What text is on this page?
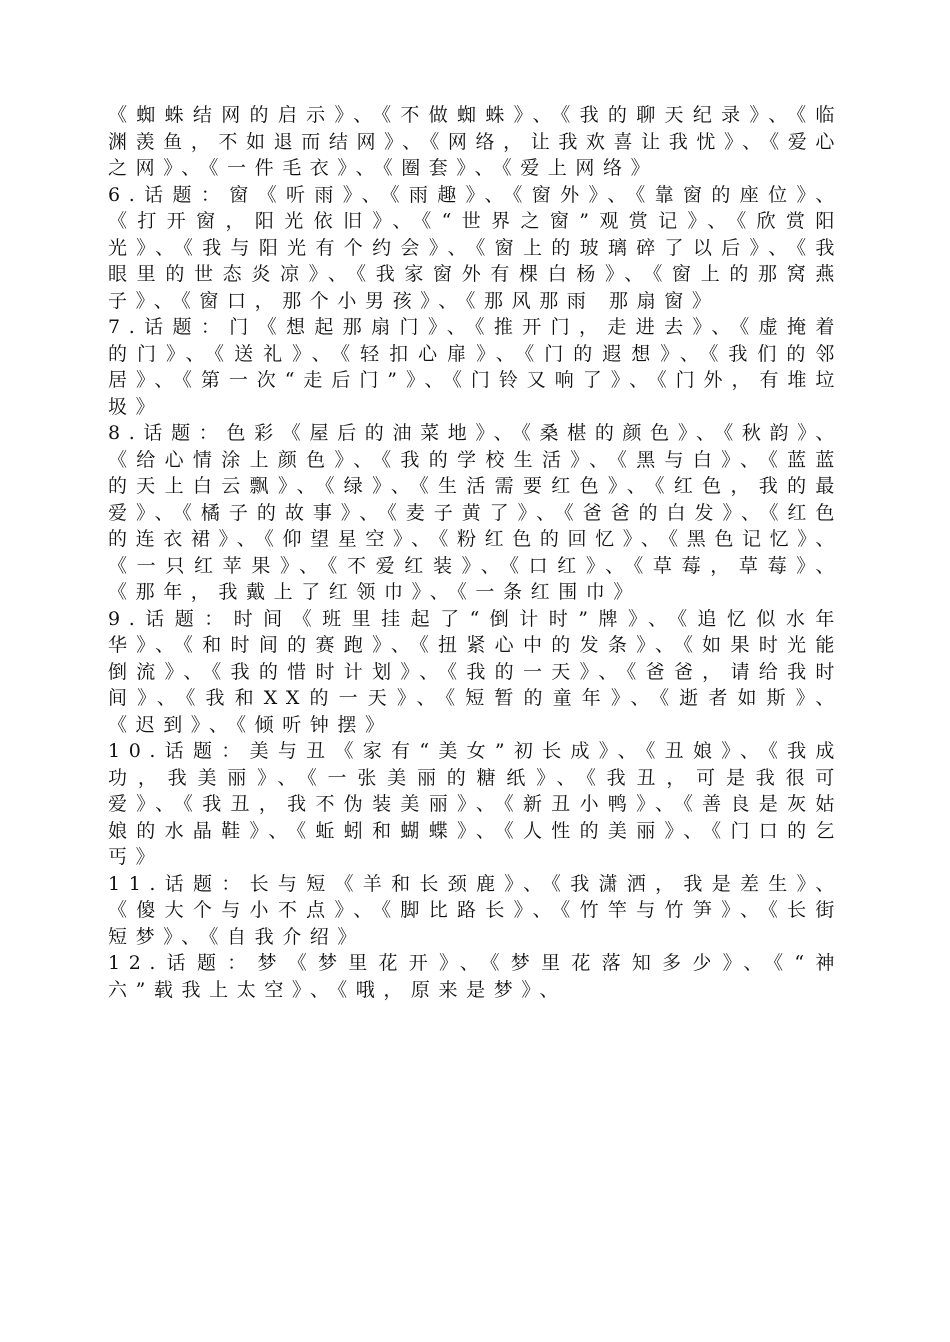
《蜘蛛结网的启示》、《不做蜘蛛》、《我的聊天纪录》、《临渊羡鱼，不如退而结网》、《网络，让我欢喜让我忧》、《爱心之网》、《一件毛衣》、《圈套》、《爱上网络》

6.话题：窗《听雨》、《雨趣》、《窗外》、《靠窗的座位》、《打开窗，阳光依旧》、《“世界之窗”观赏记》、《欣赏阳光》、《我与阳光有个约会》、《窗上的玻璃碎了以后》、《我眼里的世态炎凉》、《我家窗外有棵白杨》、《窗上的那窝燕子》、《窗口，那个小男孩》、《那风那雨 那扇窗》

7.话题：门《想起那扇门》、《推开门，走进去》、《虚掩着的门》、《送礼》、《轻扣心扉》、《门的遐想》、《我们的邻居》、《第一次“走后门”》、《门铃又响了》、《门外，有堆垃圾》

8.话题：色彩《屋后的油菜地》、《桑椹的颜色》、《秋韵》、《给心情涂上颜色》、《我的学校生活》、《黑与白》、《蓝蓝的天上白云飘》、《绿》、《生活需要红色》、《红色，我的最爱》、《橘子的故事》、《麦子黄了》、《爸爸的白发》、《红色的连衣裙》、《仰望星空》、《粉红色的回忆》、《黑色记忆》、《一只红苹果》、《不爱红装》、《口红》、《草莓，草莓》、《那年，我戴上了红领巾》、《一条红围巾》

9.话题：时间《班里挂起了“倒计时”牌》、《追忆似水年华》、《和时间的赛跑》、《扭紧心中的发条》、《如果时光能倒流》、《我的惜时计划》、《我的一天》、《爸爸，请给我时间》、《我和XX的一天》、《短暂的童年》、《逝者如斯》、《迟到》、《倾听钟摆》

10.话题：美与丑《家有“美女”初长成》、《丑娘》、《我成功，我美丽》、《一张美丽的糖纸》、《我丑，可是我很可爱》、《我丑，我不伪装美丽》、《新丑小鸭》、《善良是灰姑娘的水晶鞋》、《蚯蚓和蝴蝶》、《人性的美丽》、《门口的乞丐》

11.话题：长与短《羊和长颈鹿》、《我潇洒，我是差生》、《傻大个与小不点》、《脚比路长》、《竹竿与竹笋》、《长街短梦》、《自我介绍》

12.话题：梦《梦里花开》、《梦里花落知多少》、《“神六”载我上太空》、《哦，原来是梦》、
